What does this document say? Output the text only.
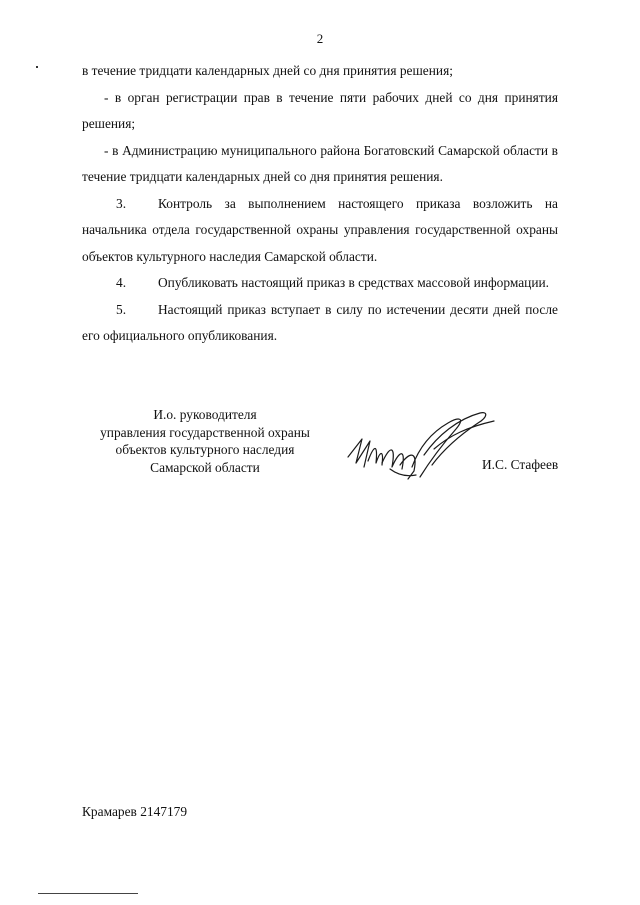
2

в течение тридцати календарных дней со дня принятия решения;

- в орган регистрации прав в течение пяти рабочих дней со дня принятия решения;

- в Администрацию муниципального района Богатовский Самарской области в течение тридцати календарных дней со дня принятия решения.

3. Контроль за выполнением настоящего приказа возложить на начальника отдела государственной охраны управления государственной охраны объектов культурного наследия Самарской области.

4. Опубликовать настоящий приказ в средствах массовой информации.

5. Настоящий приказ вступает в силу по истечении десяти дней после его официального опубликования.

И.о. руководителя
управления государственной охраны
объектов культурного наследия
Самарской области	И.С. Стафеев
Крамарев 2147179
